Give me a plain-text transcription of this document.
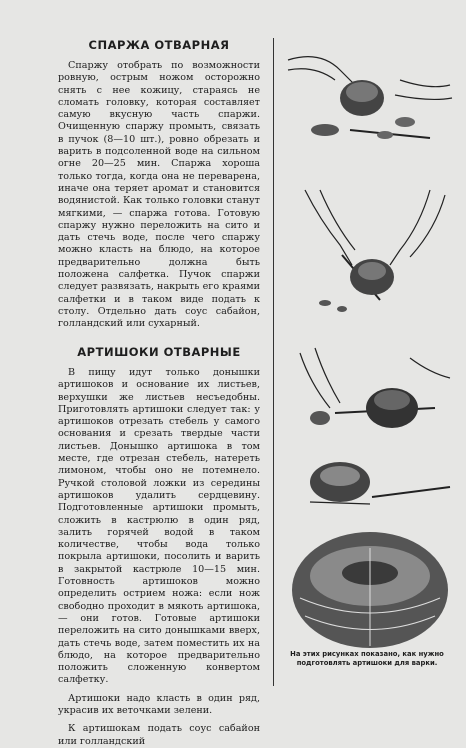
СПАРЖА ОТВАРНАЯ

Спаржу отобрать по возможности ровную, острым ножом осторожно снять с нее кожицу, стараясь не сломать головку, которая составляет самую вкусную часть спаржи. Очищенную спаржу промыть, связать в пучок (8—10 шт.), ровно обрезать и варить в подсоленной воде на сильном огне 20—25 мин. Спаржа хороша только тогда, когда она не переварена, иначе она теряет аромат и становится водянистой. Как только головки станут мягкими, — спаржа готова. Готовую спаржу нужно переложить на сито и дать стечь воде, после чего спаржу можно класть на блюдо, на которое предварительно должна быть положена салфетка. Пучок спаржи следует развязать, накрыть его краями салфетки и в таком виде подать к столу. Отдельно дать соус сабайон, голландский или сухарный.

АРТИШОКИ ОТВАРНЫЕ

В пищу идут только донышки артишоков и основание их листьев, верхушки же листьев несъедобны. Приготовлять артишоки следует так: у артишоков отрезать стебель у самого основания и срезать твердые части листьев. Донышко артишока в том месте, где отрезан стебель, натереть лимоном, чтобы оно не потемнело. Ручкой столовой ложки из середины артишоков удалить сердцевину. Подготовленные артишоки промыть, сложить в кастрюлю в один ряд, залить горячей водой в таком количестве, чтобы вода только покрыла артишоки, посолить и варить в закрытой кастрюле 10—15 мин. Готовность артишоков можно определить острием ножа: если нож свободно проходит в мякоть артишока, — они готов. Готовые артишоки переложить на сито донышками вверх, дать стечь воде, затем поместить их на блюдо, на которое предварительно положить сложенную конвертом салфетку.

Артишоки надо класть в один ряд, украсив их веточками зелени.

К артишокам подать соус сабайон или голландский

На этих рисунках показано, как нужно подготовлять артишоки для варки.
